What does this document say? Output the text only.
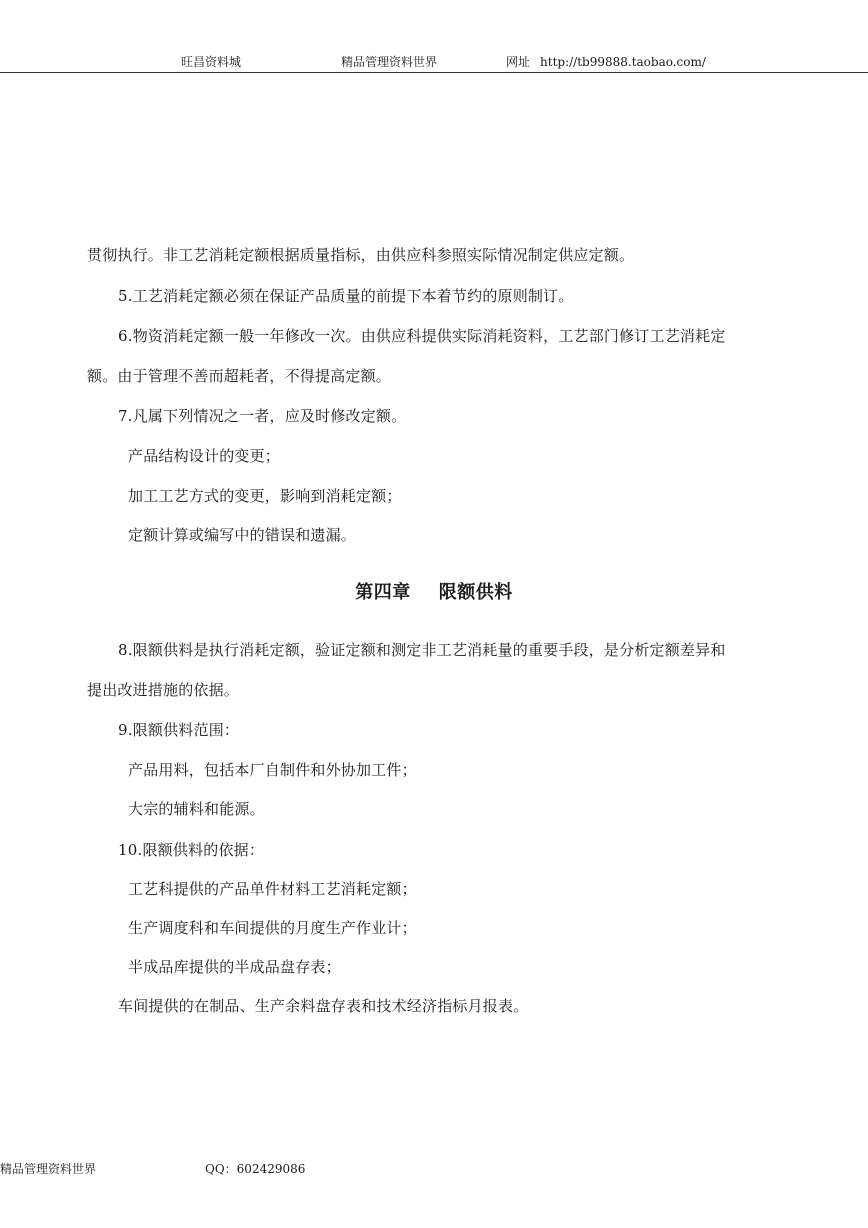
旺昌资料城	精品管理资料世界	网址 http://tb99888.taobao.com/
贯彻执行。非工艺消耗定额根据质量指标，由供应科参照实际情况制定供应定额。
5.工艺消耗定额必须在保证产品质量的前提下本着节约的原则制订。
6.物资消耗定额一般一年修改一次。由供应科提供实际消耗资料，工艺部门修订工艺消耗定
额。由于管理不善而超耗者，不得提高定额。
7.凡属下列情况之一者，应及时修改定额。
产品结构设计的变更；
加工工艺方式的变更，影响到消耗定额；
定额计算或编写中的错误和遗漏。
第四章 限额供料
8.限额供料是执行消耗定额，验证定额和测定非工艺消耗量的重要手段，是分析定额差异和
提出改进措施的依据。
9.限额供料范围：
产品用料，包括本厂自制件和外协加工件；
大宗的辅料和能源。
10.限额供料的依据：
工艺科提供的产品单件材料工艺消耗定额；
生产调度科和车间提供的月度生产作业计；
半成品库提供的半成品盘存表；
车间提供的在制品、生产余料盘存表和技术经济指标月报表。
精品管理资料世界	QQ：602429086
